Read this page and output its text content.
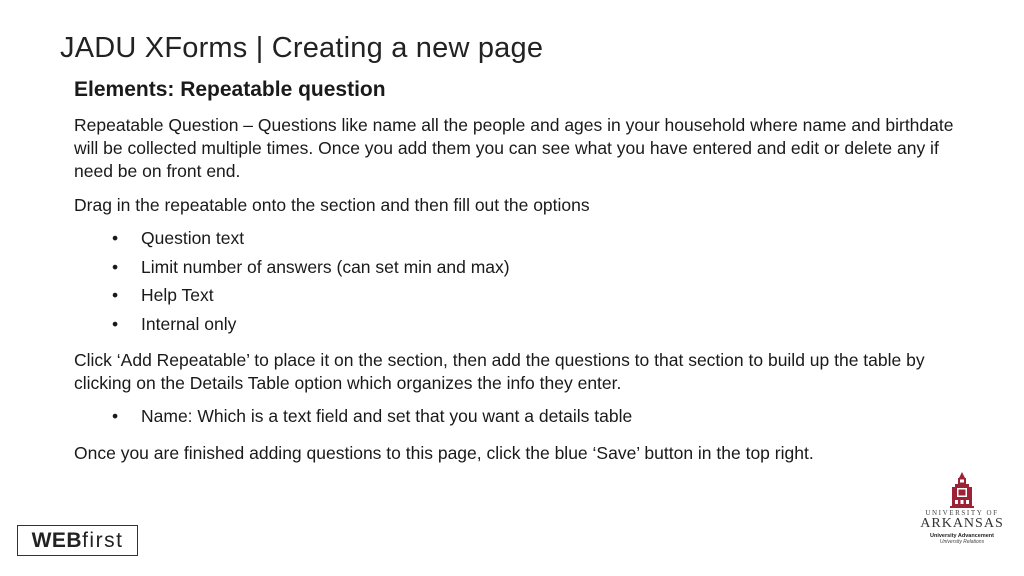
JADU XForms | Creating a new page
Elements: Repeatable question

Repeatable Question – Questions like name all the people and ages in your household where name and birthdate will be collected multiple times. Once you add them you can see what you have entered and edit or delete any if need be on front end.

Drag in the repeatable onto the section and then fill out the options

• Question text
• Limit number of answers (can set min and max)
• Help Text
• Internal only

Click ‘Add Repeatable’ to place it on the section, then add the questions to that section to build up the table by clicking on the Details Table option which organizes the info they enter.

• Name: Which is a text field and set that you want a details table

Once you are finished adding questions to this page, click the blue ‘Save’ button in the top right.

WEB first
UNIVERSITY OF
ARKANSAS
University Advancement
University Relations
